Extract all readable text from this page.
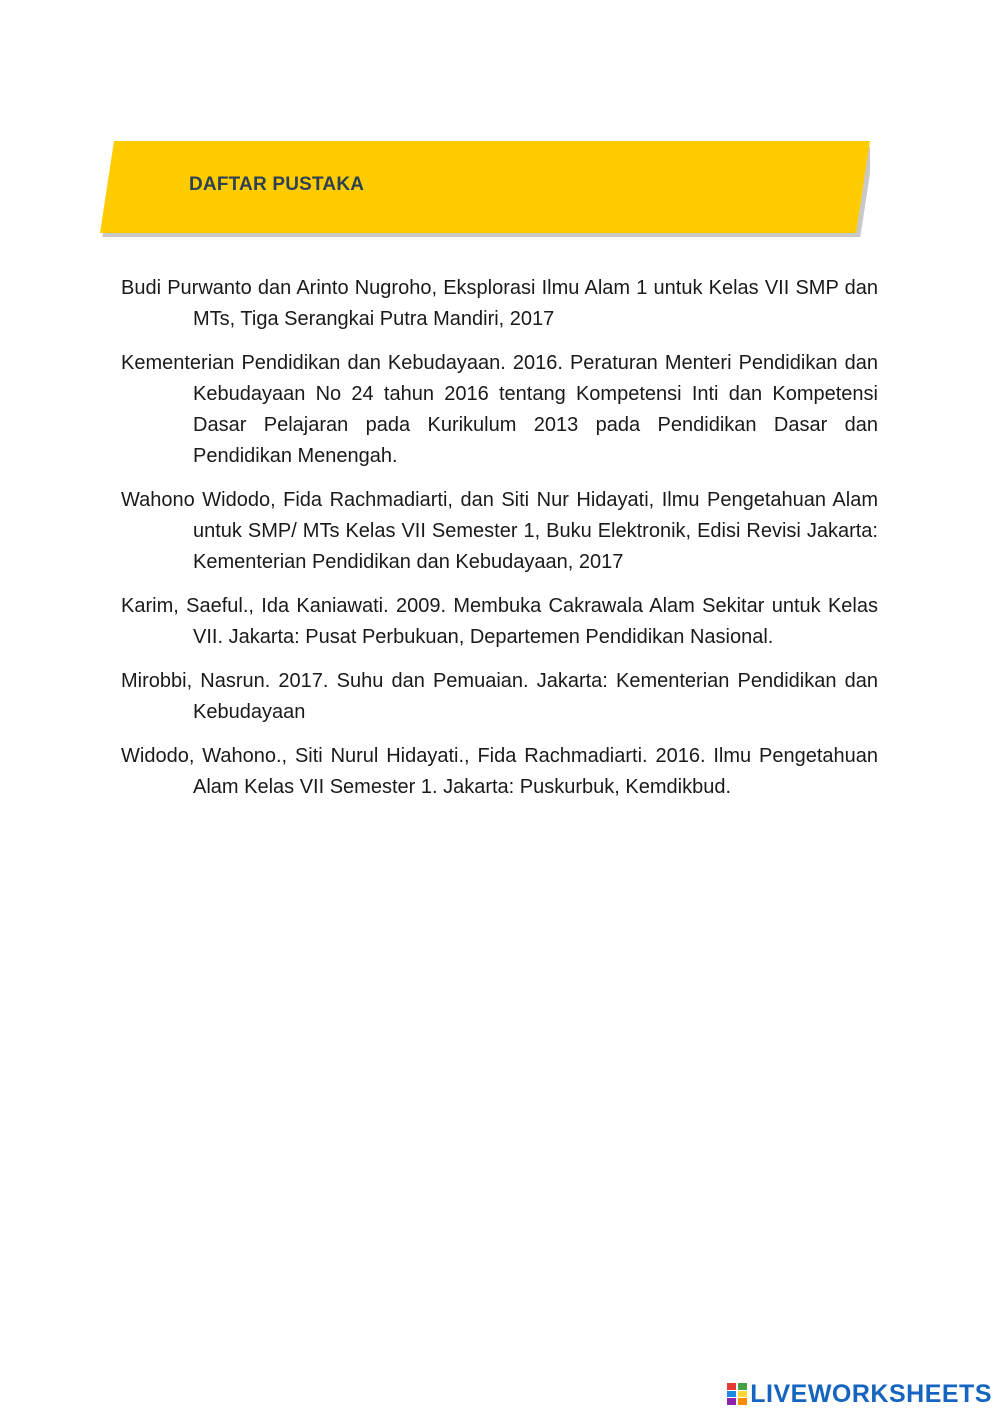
DAFTAR PUSTAKA

Budi Purwanto dan Arinto Nugroho, Eksplorasi Ilmu Alam 1 untuk Kelas VII SMP dan MTs, Tiga Serangkai Putra Mandiri, 2017

Kementerian Pendidikan dan Kebudayaan. 2016. Peraturan Menteri Pendidikan dan Kebudayaan No 24 tahun 2016 tentang Kompetensi Inti dan Kompetensi Dasar Pelajaran pada Kurikulum 2013 pada Pendidikan Dasar dan Pendidikan Menengah.

Wahono Widodo, Fida Rachmadiarti, dan Siti Nur Hidayati, Ilmu Pengetahuan Alam untuk SMP/ MTs Kelas VII Semester 1, Buku Elektronik, Edisi Revisi Jakarta: Kementerian Pendidikan dan Kebudayaan, 2017

Karim, Saeful., Ida Kaniawati. 2009. Membuka Cakrawala Alam Sekitar untuk Kelas VII. Jakarta: Pusat Perbukuan, Departemen Pendidikan Nasional.

Mirobbi, Nasrun. 2017. Suhu dan Pemuaian. Jakarta: Kementerian Pendidikan dan Kebudayaan

Widodo, Wahono., Siti Nurul Hidayati., Fida Rachmadiarti. 2016. Ilmu Pengetahuan Alam Kelas VII Semester 1. Jakarta: Puskurbuk, Kemdikbud.

LIVEWORKSHEETS
